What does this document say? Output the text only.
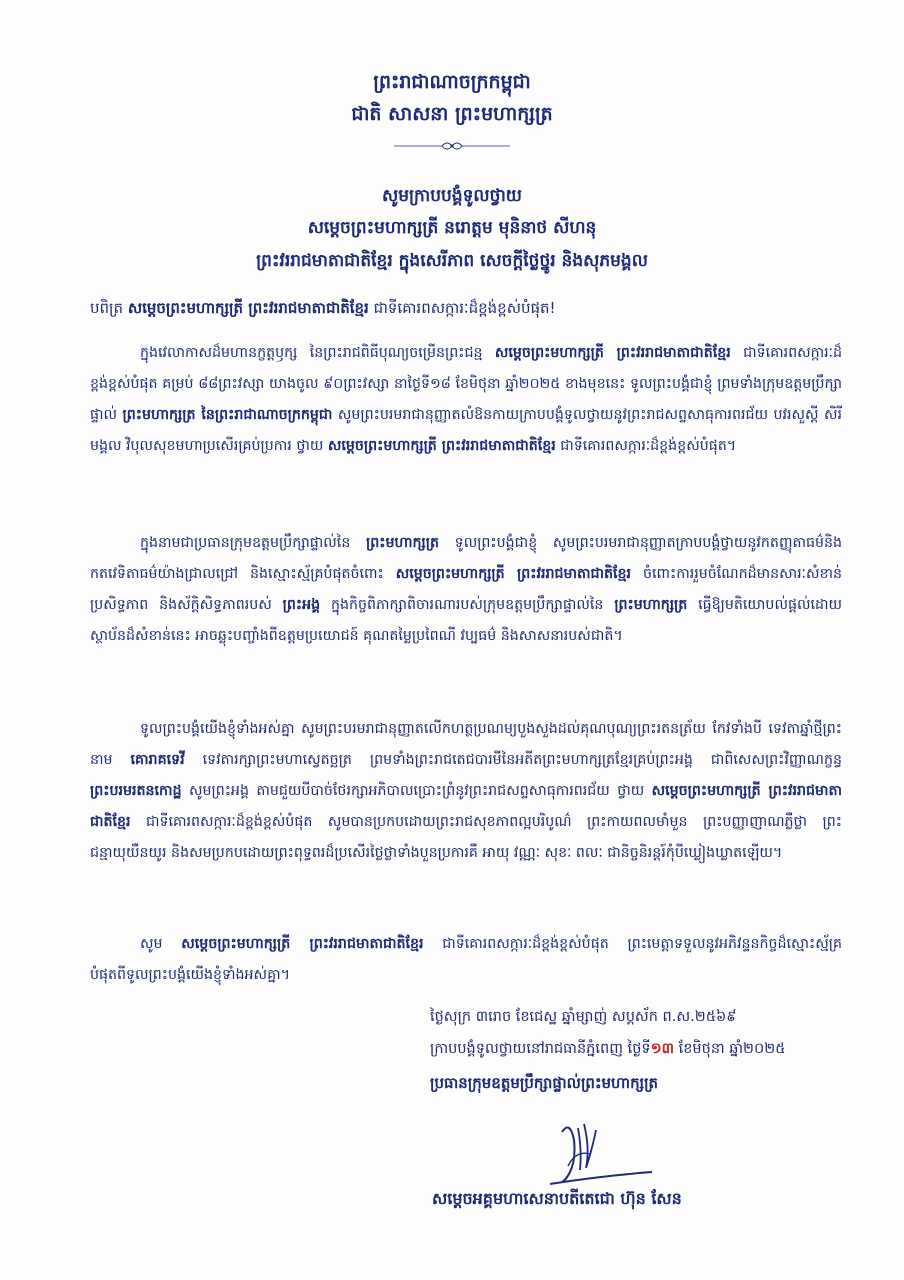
ព្រះរាជាណាចក្រកម្ពុជា
ជាតិ សាសនា ព្រះមហាក្សត្រ
សូមក្រាបបង្គំទូលថ្វាយ
សម្តេចព្រះមហាក្សត្រី នរោត្តម មុនិនាថ សីហនុ
ព្រះវររាជមាតាជាតិខ្មែរ ក្នុងសេរីភាព សេចក្តីថ្លៃថ្នូរ និងសុភមង្គល
បពិត្រ សម្តេចព្រះមហាក្សត្រី ព្រះវររាជមាតាជាតិខ្មែរ ជាទីគោរពសក្ការៈដ៏ខ្ពង់ខ្ពស់បំផុត!
ក្នុងវេលាកាសដ៏មហានក្ខត្តឫក្ស នៃព្រះរាជពិធីបុណ្យចម្រើនព្រះជន្ម សម្តេចព្រះមហាក្សត្រី ព្រះវររាជមាតាជាតិខ្មែរ ជាទីគោរពសក្ការៈដ៏ខ្ពង់ខ្ពស់បំផុត គម្រប់ ៨៨ព្រះវស្សា យាងចូល ៩០ព្រះវស្សា នាថ្ងៃទី១៨ ខែមិថុនា ឆ្នាំ២០២៥ ខាងមុខនេះ ទូលព្រះបង្គំជាខ្ញុំ ព្រមទាំងក្រុមឧត្តមប្រឹក្សាផ្ទាល់ ព្រះមហាក្សត្រ នៃព្រះរាជាណាចក្រកម្ពុជា សូមព្រះបរមរាជានុញ្ញាតលំឱនកាយក្រាបបង្គំទូលថ្វាយនូវព្រះរាជសព្ទសាធុការពរជ័យ បវរសួស្តី សិរីមង្គល វិបុលសុខមហាប្រសើរគ្រប់ប្រការ ថ្វាយ សម្តេចព្រះមហាក្សត្រី ព្រះវររាជមាតាជាតិខ្មែរ ជាទីគោរពសក្ការៈដ៏ខ្ពង់ខ្ពស់បំផុត។
ក្នុងនាមជាប្រធានក្រុមឧត្តមប្រឹក្សាផ្ទាល់នៃ ព្រះមហាក្សត្រ ទូលព្រះបង្គំជាខ្ញុំ សូមព្រះបរមរាជានុញ្ញាតក្រាបបង្គំថ្វាយនូវកតញ្ញុតាធម៌និងកតវេទិតាធម៌យ៉ាងជ្រាលជ្រៅ និងស្មោះស្ម័គ្របំផុតចំពោះ សម្តេចព្រះមហាក្សត្រី ព្រះវររាជមាតាជាតិខ្មែរ ចំពោះការរួមចំណែកដ៏មានសារៈសំខាន់ ប្រសិទ្ធភាព និងស័ក្តិសិទ្ធភាពរបស់ ព្រះអង្គ ក្នុងកិច្ចពិភាក្សាពិចារណារបស់ក្រុមឧត្តមប្រឹក្សាផ្ទាល់នៃ ព្រះមហាក្សត្រ ធ្វើឱ្យមតិយោបល់ផ្តល់ដោយស្ថាប័នដ៏សំខាន់នេះ អាចឆ្លុះបញ្ចាំងពីឧត្តមប្រយោជន៍ គុណតម្លៃប្រពៃណី វប្បធម៌ និងសាសនារបស់ជាតិ។
ទូលព្រះបង្គំយើងខ្ញុំទាំងអស់គ្នា សូមព្រះបរមរាជានុញ្ញាតលើកហត្ថប្រណម្យបួងសួងដល់គុណបុណ្យព្រះរតនត្រ័យ កែវទាំងបី ទេវតាឆ្នាំថ្មីព្រះនាម គោរាគទេវី ទេវតារក្សាព្រះមហាស្វេតច្ឆត្រ ព្រមទាំងព្រះរាជតេជបារមីនៃអតីតព្រះមហាក្សត្រខ្មែរគ្រប់ព្រះអង្គ ជាពិសេសព្រះវិញ្ញាណក្ខន្ធ ព្រះបរមរតនកោដ្ឋ សូមព្រះអង្គ តាមជួយបីបាច់ថែរក្សាអភិបាលប្រោះព្រំនូវព្រះរាជសព្ទសាធុការពរជ័យ ថ្វាយ សម្តេចព្រះមហាក្សត្រី ព្រះវររាជមាតាជាតិខ្មែរ ជាទីគោរពសក្ការៈដ៏ខ្ពង់ខ្ពស់បំផុត សូមបានប្រកបដោយព្រះរាជសុខភាពល្អបរិបូណ៌ ព្រះកាយពលមាំមួន ព្រះបញ្ញាញាណភ្លឺថ្លា ព្រះជន្មាយុយឺនយូរ និងសមប្រកបដោយព្រះពុទ្ធពរដ៏ប្រសើរថ្លៃថ្លាទាំងបួនប្រការគឺ អាយុ វណ្ណៈ សុខៈ ពលៈ ជានិច្ចនិរន្តរ៍កុំបីឃ្លៀងឃ្លាតឡើយ។
សូម សម្តេចព្រះមហាក្សត្រី ព្រះវររាជមាតាជាតិខ្មែរ ជាទីគោរពសក្ការៈដ៏ខ្ពង់ខ្ពស់បំផុត ព្រះមេត្តាទទួលនូវអភិវន្ទនកិច្ចដ៏ស្មោះស្ម័គ្របំផុតពីទូលព្រះបង្គំយើងខ្ញុំទាំងអស់គ្នា។
ថ្ងៃសុក្រ ៣រោច ខែជេស្ឋ ឆ្នាំម្សាញ់ សប្តស័ក ព.ស.២៥៦៩
ក្រាបបង្គំទូលថ្វាយនៅរាជធានីភ្នំពេញ ថ្ងៃទី១៣ ខែមិថុនា ឆ្នាំ២០២៥
ប្រធានក្រុមឧត្តមប្រឹក្សាផ្ទាល់ព្រះមហាក្សត្រ
សម្តេចអគ្គមហាសេនាបតីតេជោ ហ៊ុន សែន
